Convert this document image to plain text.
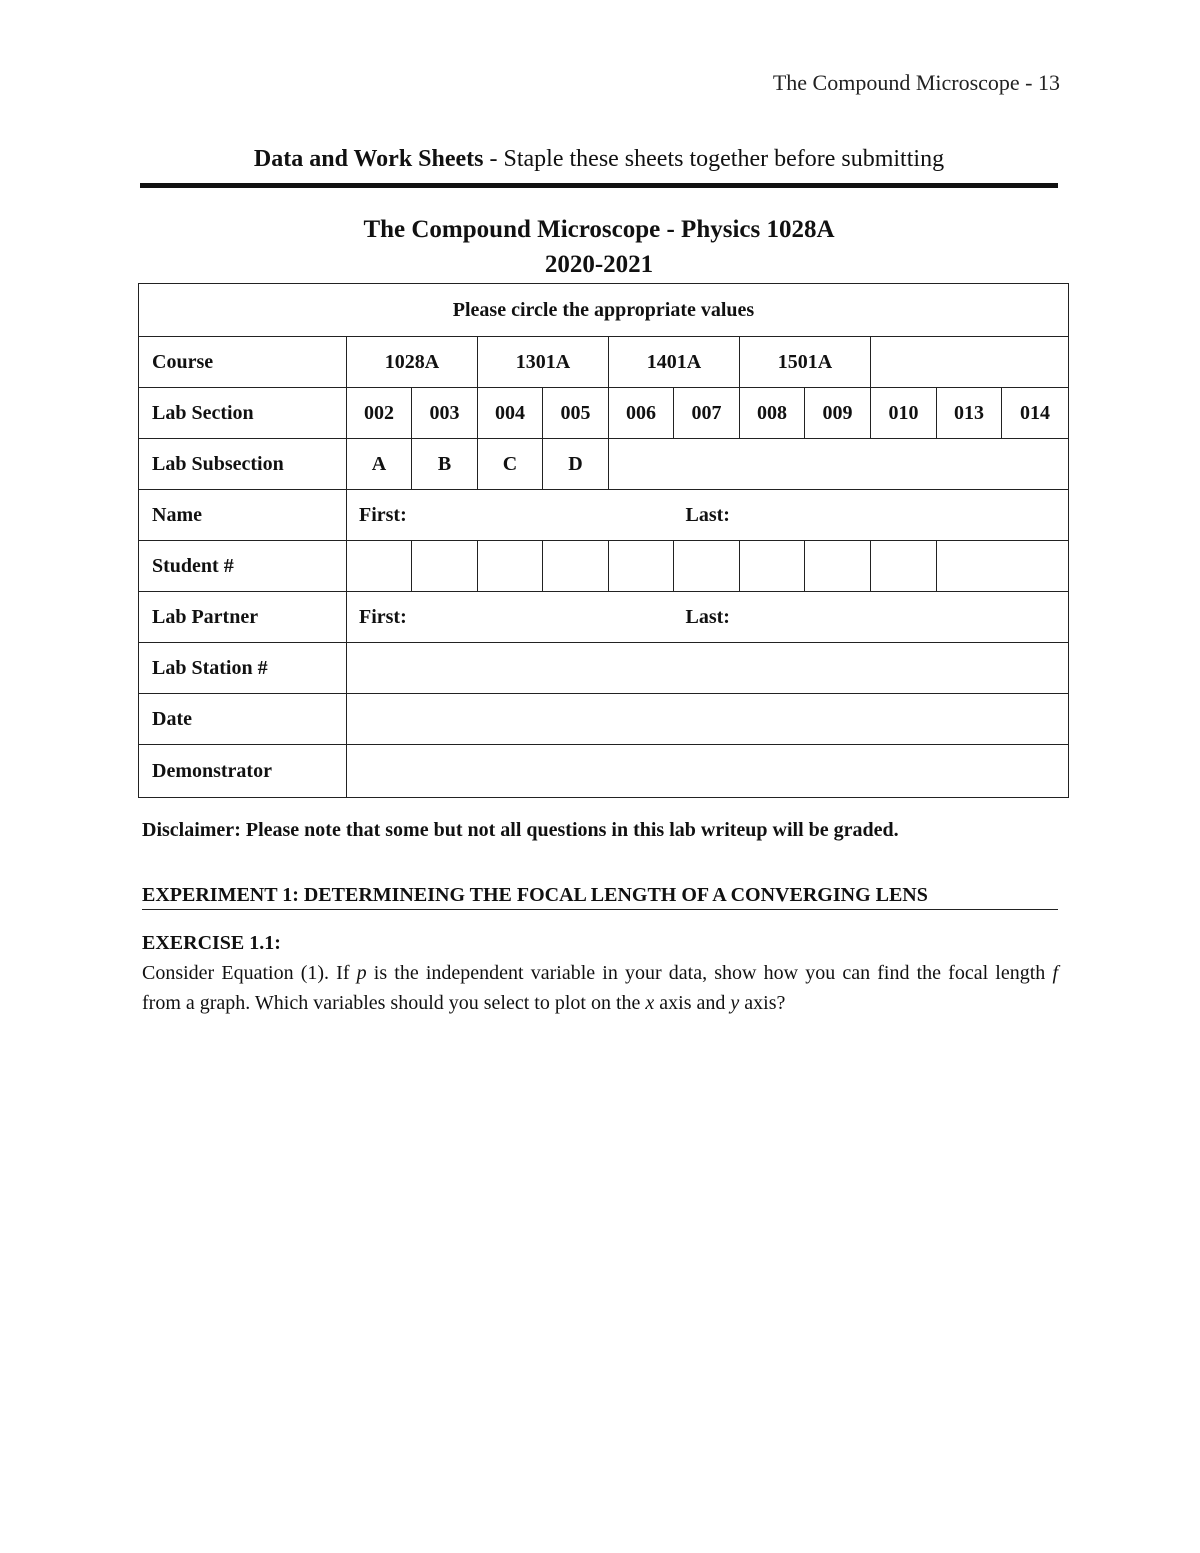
The Compound Microscope - 13
Data and Work Sheets - Staple these sheets together before submitting
The Compound Microscope - Physics 1028A
2020-2021
Please circle the appropriate values											
Course	1028A		1301A		1401A		1501A				
Lab Section	002	003	004	005	006	007	008	009	010	013	014
Lab Subsection	A	B	C	D							
Name	First:					Last:					
Student #											
Lab Partner	First:					Last:					
Lab Station #											
Date											
Demonstrator											
Disclaimer: Please note that some but not all questions in this lab writeup will be graded.
EXPERIMENT 1: DETERMINEING THE FOCAL LENGTH OF A CONVERGING LENS
EXERCISE 1.1:
Consider Equation (1). If p is the independent variable in your data, show how you can find the focal length f from a graph. Which variables should you select to plot on the x axis and y axis?
